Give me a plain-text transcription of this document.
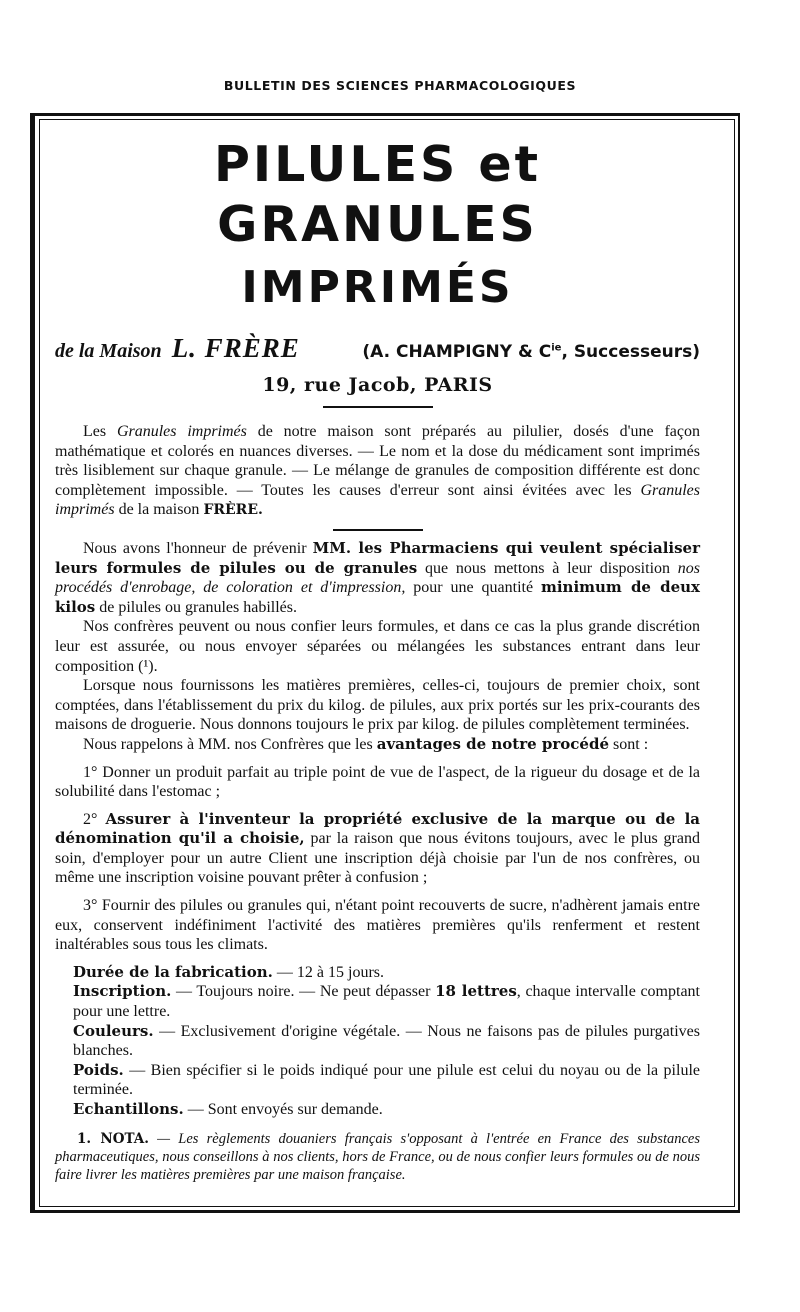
BULLETIN DES SCIENCES PHARMACOLOGIQUES
PILULES et GRANULES
IMPRIMÉS
de la Maison L. FRÈRE	(A. CHAMPIGNY & $C^{ie}$, Successeurs)
19, rue Jacob, PARIS

Les Granules imprimés de notre maison sont préparés au pilulier, dosés d'une façon mathématique et colorés en nuances diverses. — Le nom et la dose du médicament sont imprimés très lisiblement sur chaque granule. — Le mélange de granules de composition différente est donc complètement impossible. — Toutes les causes d'erreur sont ainsi évitées avec les Granules imprimés de la maison FRÈRE.

Nous avons l'honneur de prévenir MM. les Pharmaciens qui veulent spécialiser leurs formules de pilules ou de granules que nous mettons à leur disposition nos procédés d'enrobage, de coloration et d'impression, pour une quantité minimum de deux kilos de pilules ou granules habillés.

Nos confrères peuvent ou nous confier leurs formules, et dans ce cas la plus grande discrétion leur est assurée, ou nous envoyer séparées ou mélangées les substances entrant dans leur composition (¹).

Lorsque nous fournissons les matières premières, celles-ci, toujours de premier choix, sont comptées, dans l'établissement du prix du kilog. de pilules, aux prix portés sur les prix-courants des maisons de droguerie. Nous donnons toujours le prix par kilog. de pilules complètement terminées.

Nous rappelons à MM. nos Confrères que les avantages de notre procédé sont :

1° Donner un produit parfait au triple point de vue de l'aspect, de la rigueur du dosage et de la solubilité dans l'estomac ;

2° Assurer à l'inventeur la propriété exclusive de la marque ou de la dénomination qu'il a choisie, par la raison que nous évitons toujours, avec le plus grand soin, d'employer pour un autre Client une inscription déjà choisie par l'un de nos confrères, ou même une inscription voisine pouvant prêter à confusion ;

3° Fournir des pilules ou granules qui, n'étant point recouverts de sucre, n'adhèrent jamais entre eux, conservent indéfiniment l'activité des matières premières qu'ils renferment et restent inaltérables sous tous les climats.

Durée de la fabrication. — 12 à 15 jours.

Inscription. — Toujours noire. — Ne peut dépasser 18 lettres, chaque intervalle comptant pour une lettre.

Couleurs. — Exclusivement d'origine végétale. — Nous ne faisons pas de pilules purgatives blanches.

Poids. — Bien spécifier si le poids indiqué pour une pilule est celui du noyau ou de la pilule terminée.

Echantillons. — Sont envoyés sur demande.

1. NOTA. — Les règlements douaniers français s'opposant à l'entrée en France des substances pharmaceutiques, nous conseillons à nos clients, hors de France, ou de nous confier leurs formules ou de nous faire livrer les matières premières par une maison française.
